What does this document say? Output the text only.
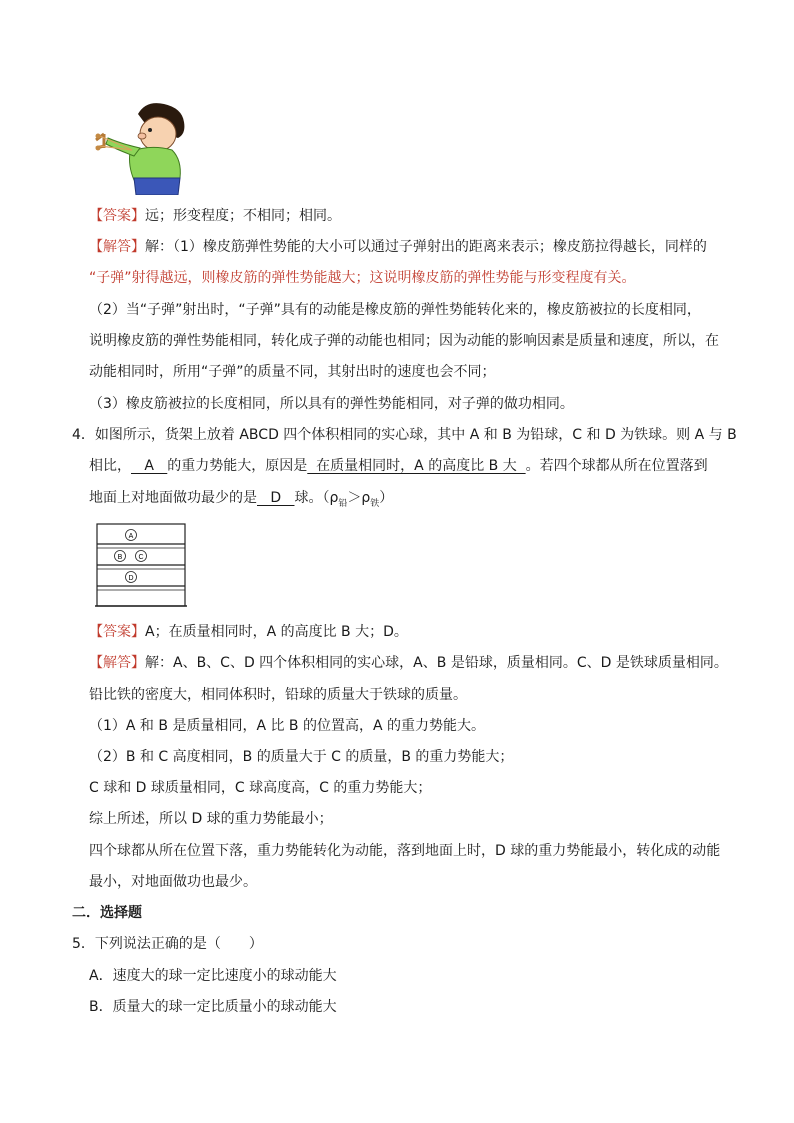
【答案】远；形变程度；不相同；相同。
【解答】解：（1）橡皮筋弹性势能的大小可以通过子弹射出的距离来表示；橡皮筋拉得越长，同样的
“子弹”射得越远，则橡皮筋的弹性势能越大；这说明橡皮筋的弹性势能与形变程度有关。
（2）当“子弹”射出时，“子弹”具有的动能是橡皮筋的弹性势能转化来的，橡皮筋被拉的长度相同，
说明橡皮筋的弹性势能相同，转化成子弹的动能也相同；因为动能的影响因素是质量和速度，所以，在
动能相同时，所用“子弹”的质量不同，其射出时的速度也会不同；
（3）橡皮筋被拉的长度相同，所以具有的弹性势能相同，对子弹的做功相同。
4．如图所示，货架上放着 ABCD 四个体积相同的实心球，其中 A 和 B 为铅球，C 和 D 为铁球。则 A 与 B
相比，   A   的重力势能大，原因是  在质量相同时，A 的高度比 B 大  。若四个球都从所在位置落到
地面上对地面做功最少的是   D   球。$(\rho_铅>\rho_铁)$
A
B C
D
【答案】A；在质量相同时，A 的高度比 B 大；D。
【解答】解：A、B、C、D 四个体积相同的实心球，A、B 是铅球，质量相同。C、D 是铁球质量相同。
铅比铁的密度大，相同体积时，铅球的质量大于铁球的质量。
（1）A 和 B 是质量相同，A 比 B 的位置高，A 的重力势能大。
（2）B 和 C 高度相同，B 的质量大于 C 的质量，B 的重力势能大；
C 球和 D 球质量相同，C 球高度高，C 的重力势能大；
综上所述，所以 D 球的重力势能最小；
四个球都从所在位置下落，重力势能转化为动能，落到地面上时，D 球的重力势能最小，转化成的动能
最小，对地面做功也最少。
二．选择题
5．下列说法正确的是（　　）
A．速度大的球一定比速度小的球动能大
B．质量大的球一定比质量小的球动能大
